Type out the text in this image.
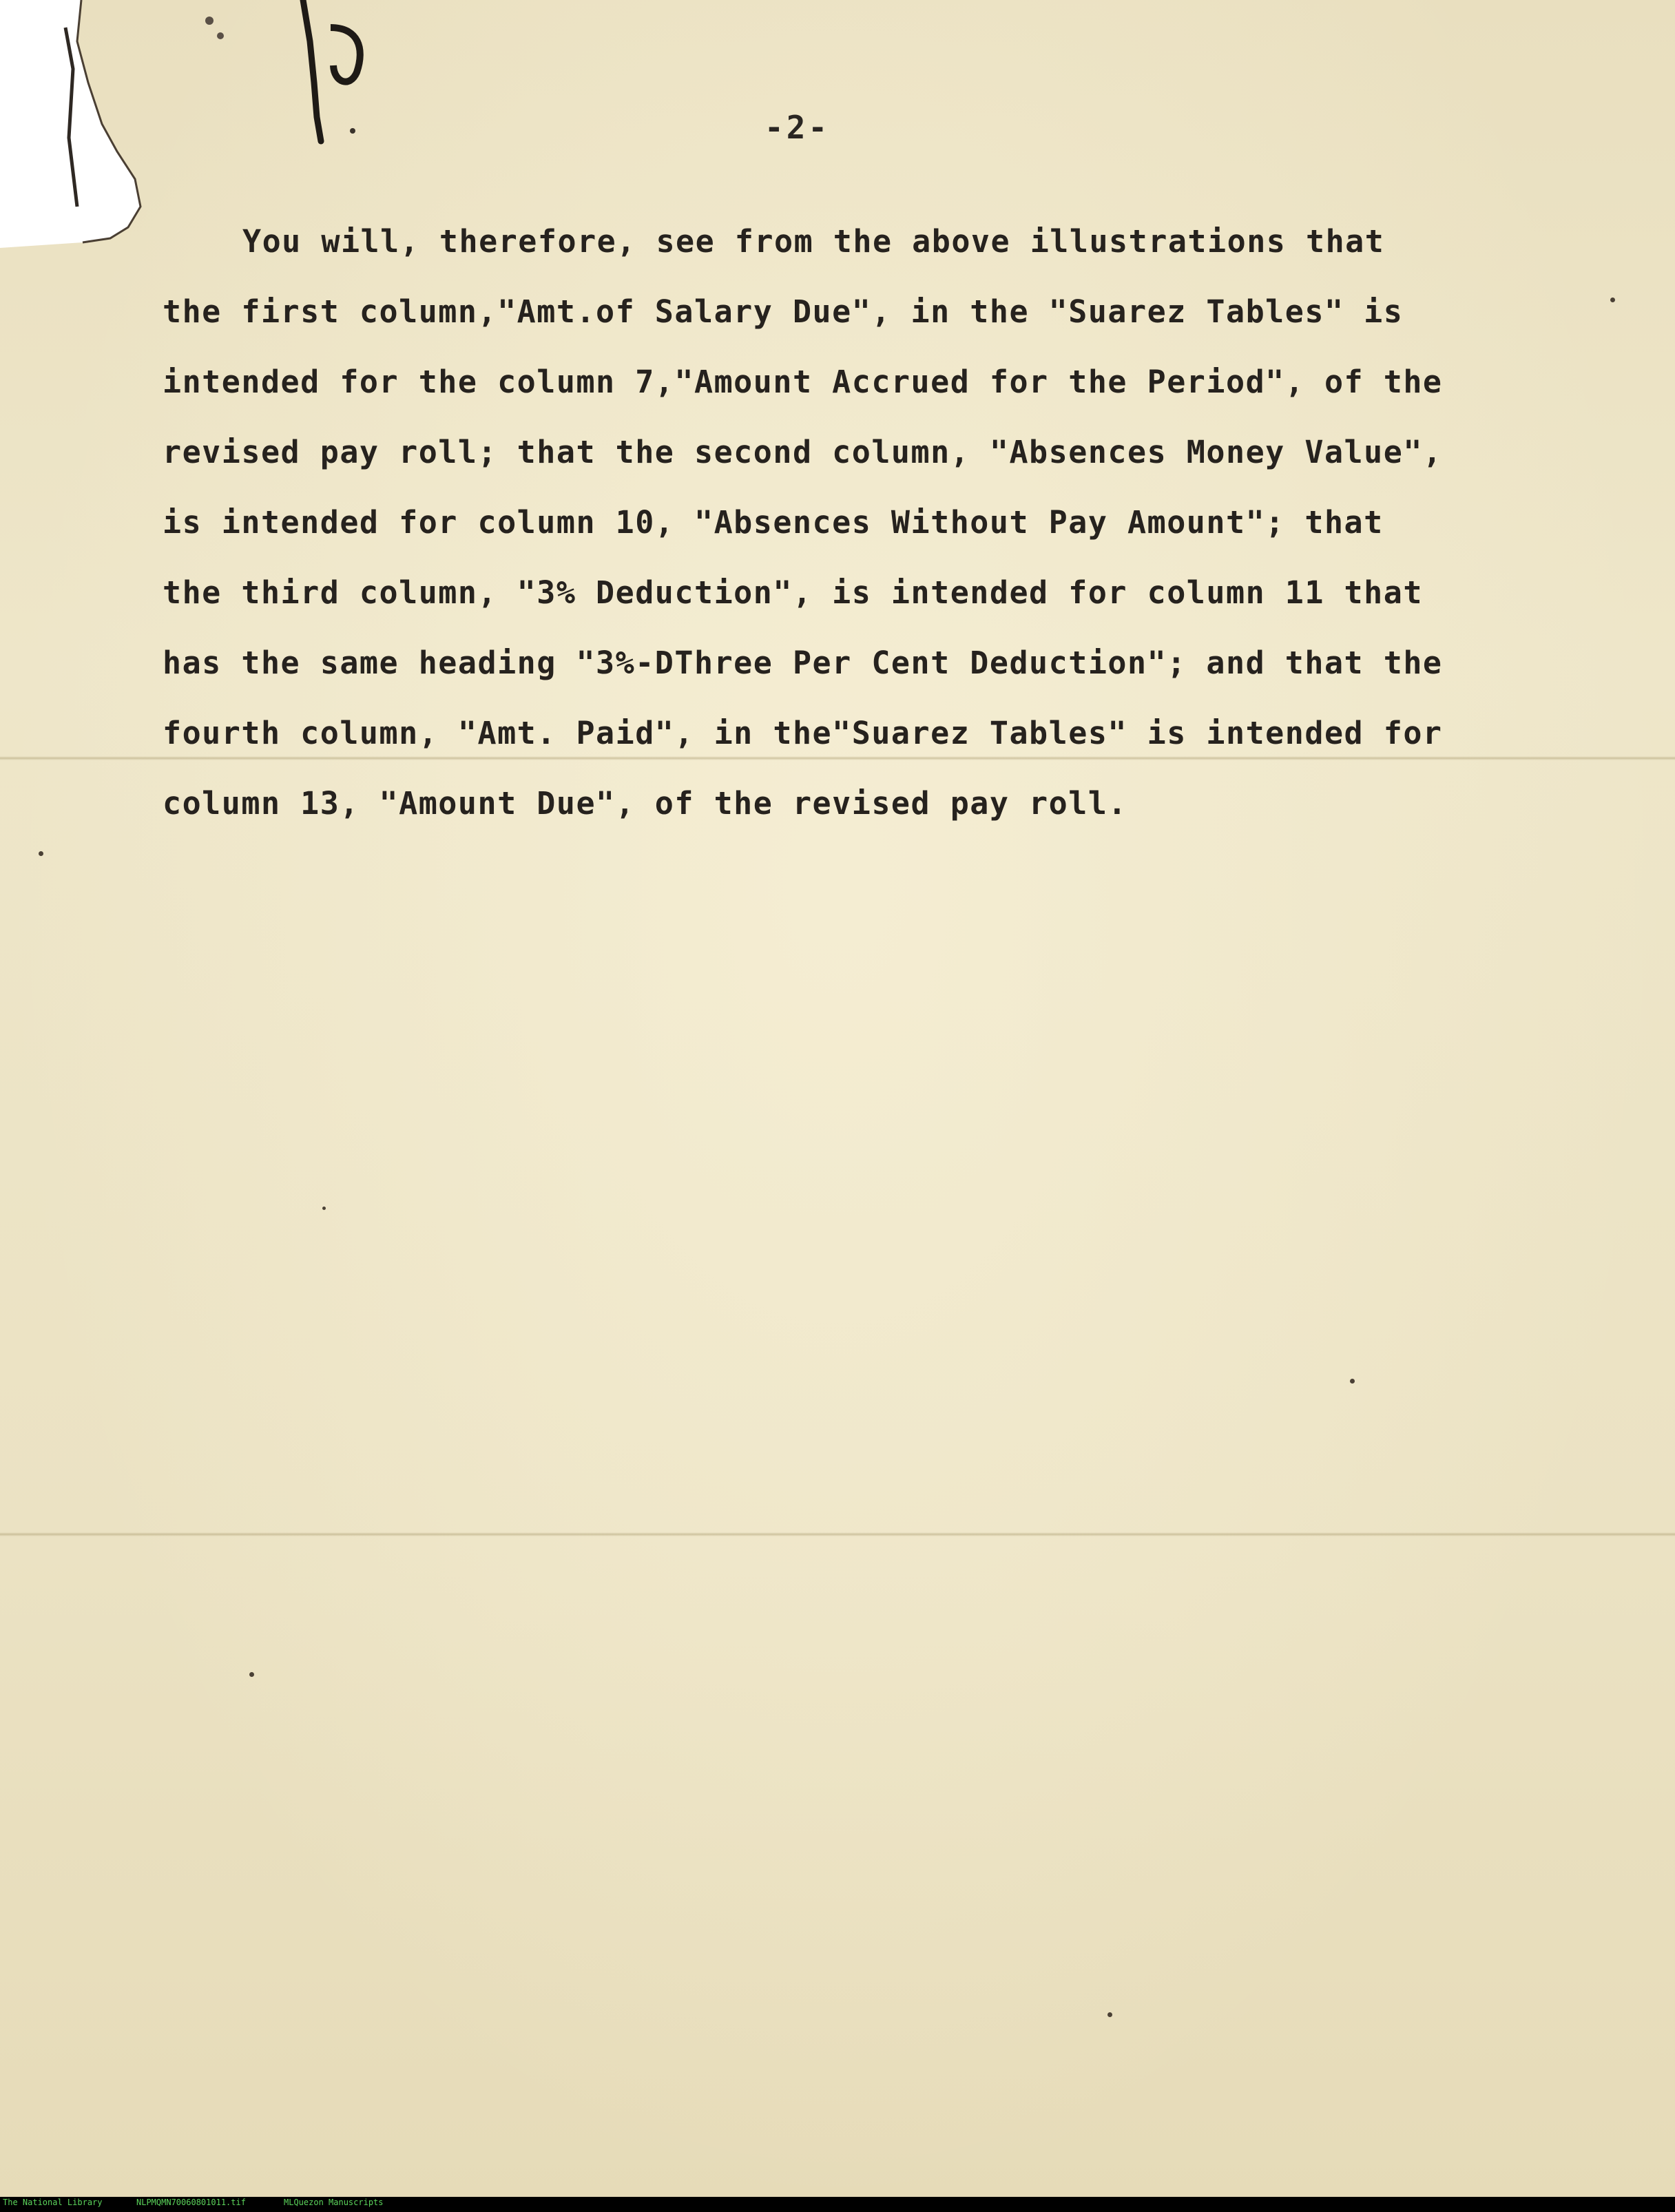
-2-
You will, therefore, see from the above illustrations that
the first column,"Amt.of Salary Due", in the "Suarez Tables" is
intended for the column 7,"Amount Accrued for the Period", of the
revised pay roll; that the second column, "Absences Money Value",
is intended for column 10, "Absences Without Pay Amount"; that
the third column, "3% Deduction", is intended for column 11 that
has the same heading "3%-DThree Per Cent Deduction"; and that the
fourth column, "Amt. Paid", in the"Suarez Tables" is intended for
column 13, "Amount Due", of the revised pay roll.
The National Library	NLPMQMN70060801011.tif	MLQuezon Manuscripts
